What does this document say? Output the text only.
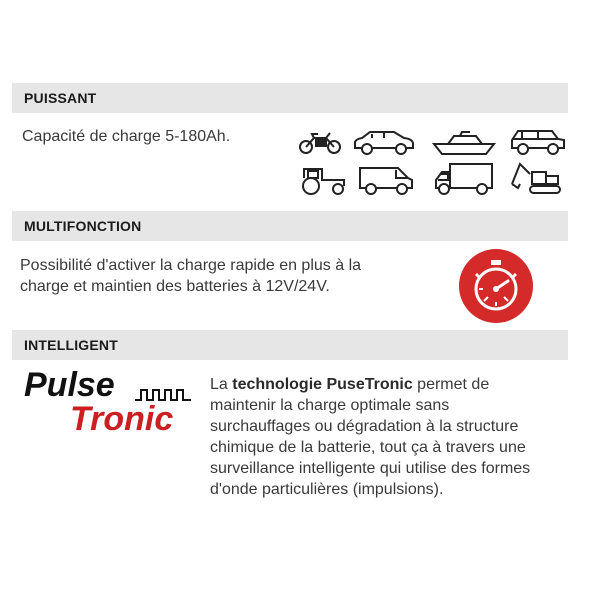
PUISSANT
Capacité de charge 5-180Ah.
MULTIFONCTION
Possibilité d'activer la charge rapide en plus à la
charge et maintien des batteries à 12V/24V.
INTELLIGENT
Pulse
Tronic
La technologie PuseTronic permet de
maintenir la charge optimale sans
surchauffages ou dégradation à la structure
chimique de la batterie, tout ça à travers une
surveillance intelligente qui utilise des formes
d'onde particulières (impulsions).
